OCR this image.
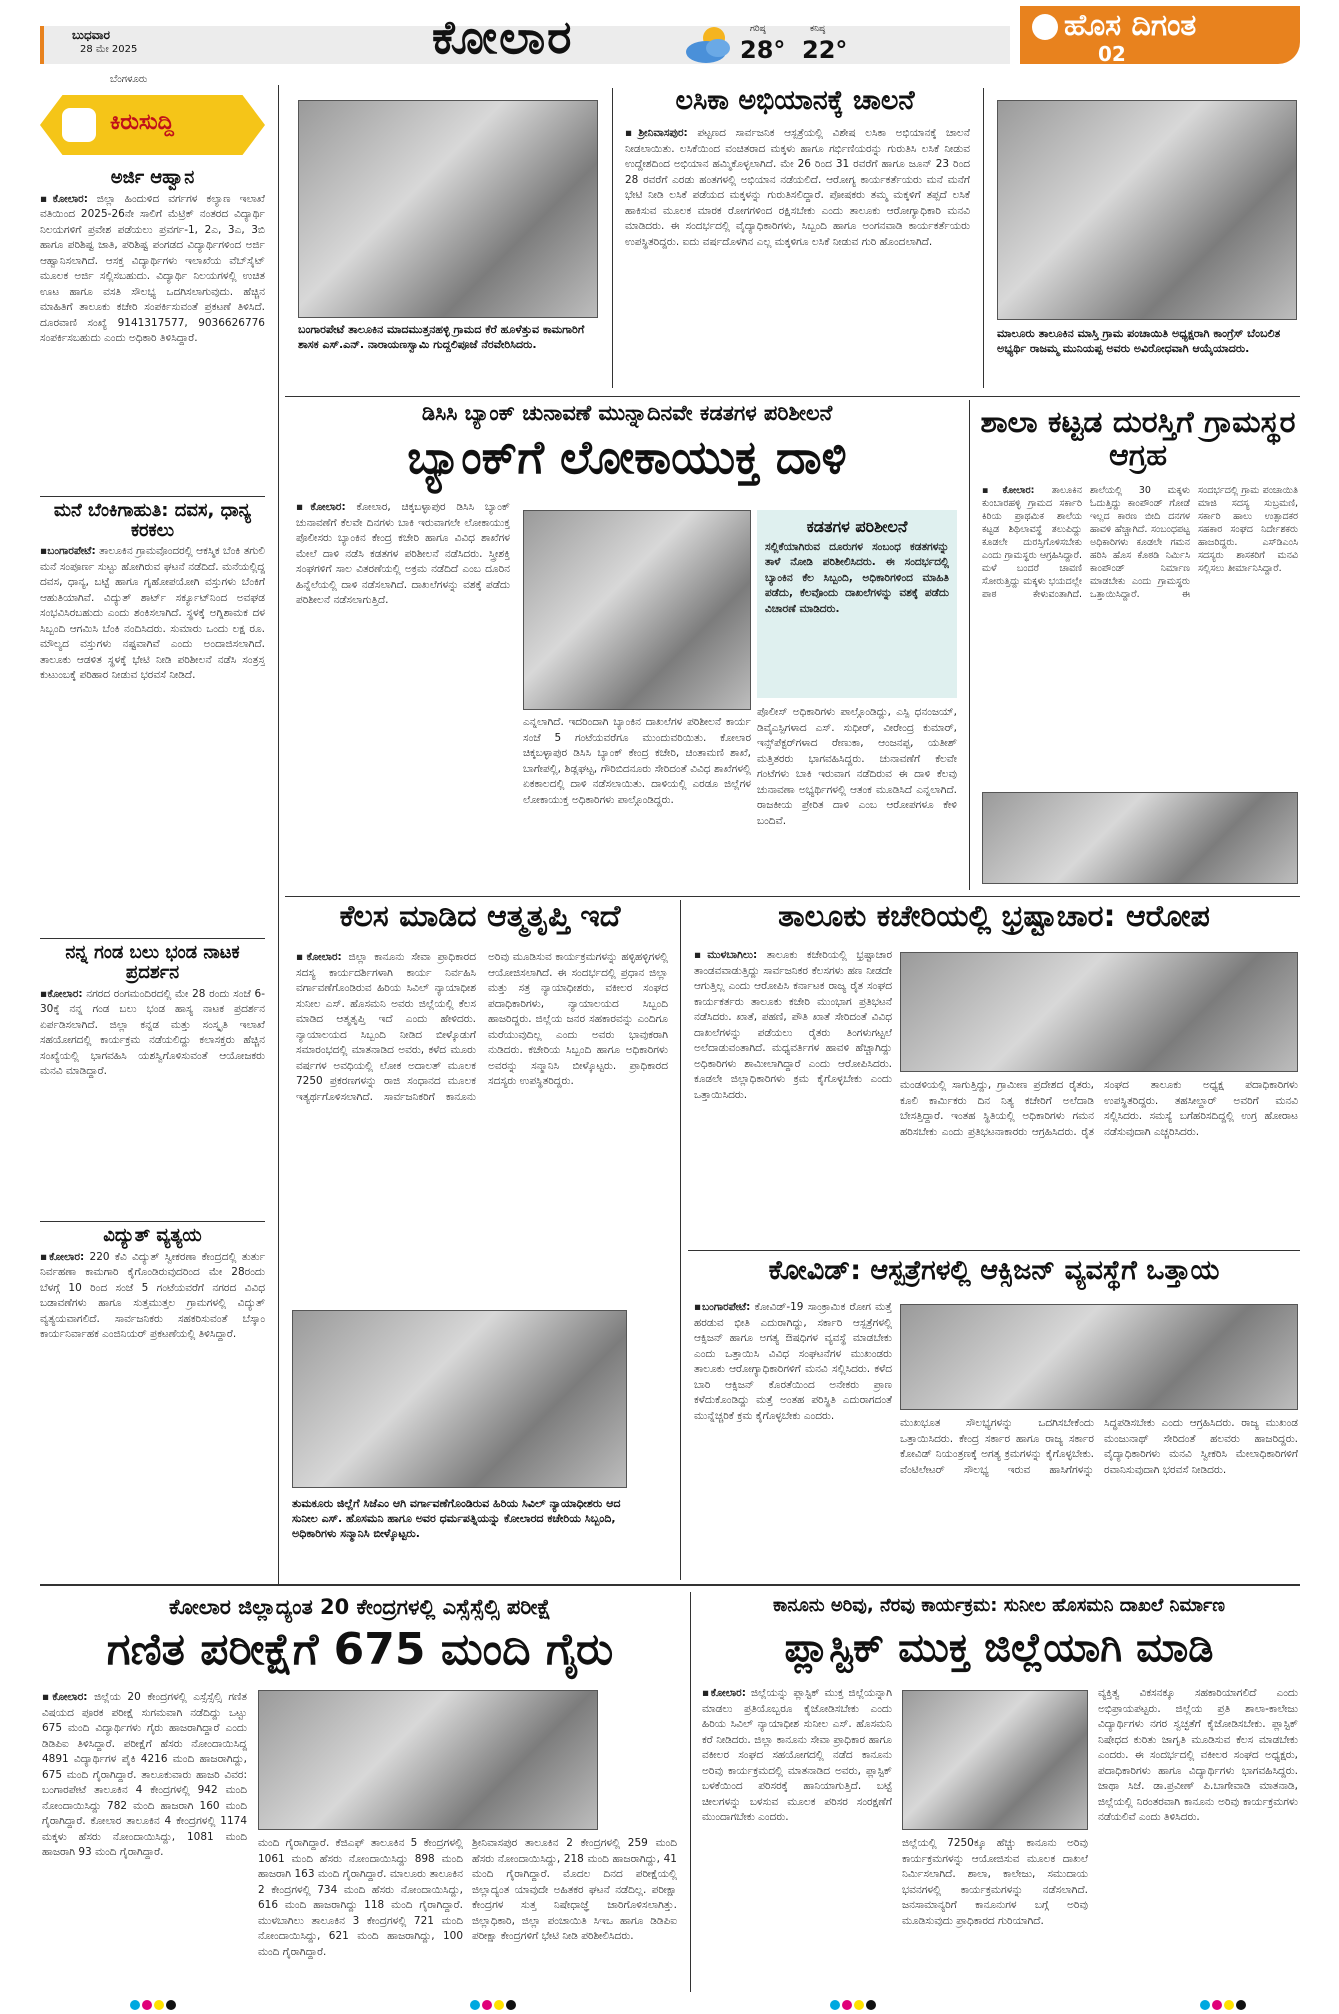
ಬುಧವಾರ
28 ಮೇ 2025	ಕೋಲಾರ	ಗರಿಷ್ಠ
28°
ಕನಿಷ್ಠ
22°
ಹೊಸ ದಿಗಂತ
02
ಬೆಂಗಳೂರು
ಕಿರುಸುದ್ದಿ
ಅರ್ಜಿ ಆಹ್ವಾನ
▪ಕೋಲಾರ: ಜಿಲ್ಲಾ ಹಿಂದುಳಿದ ವರ್ಗಗಳ ಕಲ್ಯಾಣ ಇಲಾಖೆ ವತಿಯಿಂದ 2025-26ನೇ ಸಾಲಿಗೆ ಮೆಟ್ರಿಕ್ ನಂತರದ ವಿದ್ಯಾರ್ಥಿ ನಿಲಯಗಳಿಗೆ ಪ್ರವೇಶ ಪಡೆಯಲು ಪ್ರವರ್ಗ-1, 2ಎ, 3ಎ, 3ಬಿ ಹಾಗೂ ಪರಿಶಿಷ್ಟ ಜಾತಿ, ಪರಿಶಿಷ್ಟ ಪಂಗಡದ ವಿದ್ಯಾರ್ಥಿಗಳಿಂದ ಅರ್ಜಿ ಆಹ್ವಾನಿಸಲಾಗಿದೆ. ಆಸಕ್ತ ವಿದ್ಯಾರ್ಥಿಗಳು ಇಲಾಖೆಯ ವೆಬ್‌ಸೈಟ್ ಮೂಲಕ ಅರ್ಜಿ ಸಲ್ಲಿಸಬಹುದು. ವಿದ್ಯಾರ್ಥಿ ನಿಲಯಗಳಲ್ಲಿ ಉಚಿತ ಊಟ ಹಾಗೂ ವಸತಿ ಸೌಲಭ್ಯ ಒದಗಿಸಲಾಗುವುದು. ಹೆಚ್ಚಿನ ಮಾಹಿತಿಗೆ ತಾಲೂಕು ಕಚೇರಿ ಸಂಪರ್ಕಿಸುವಂತೆ ಪ್ರಕಟಣೆ ತಿಳಿಸಿದೆ. ದೂರವಾಣಿ ಸಂಖ್ಯೆ 9141317577, 9036626776 ಸಂಪರ್ಕಿಸಬಹುದು ಎಂದು ಅಧಿಕಾರಿ ತಿಳಿಸಿದ್ದಾರೆ.
ಮನೆ ಬೆಂಕಿಗಾಹುತಿ: ದವಸ, ಧಾನ್ಯ ಕರಕಲು
▪ಬಂಗಾರಪೇಟೆ: ತಾಲೂಕಿನ ಗ್ರಾಮವೊಂದರಲ್ಲಿ ಆಕಸ್ಮಿಕ ಬೆಂಕಿ ತಗುಲಿ ಮನೆ ಸಂಪೂರ್ಣ ಸುಟ್ಟು ಹೋಗಿರುವ ಘಟನೆ ನಡೆದಿದೆ. ಮನೆಯಲ್ಲಿದ್ದ ದವಸ, ಧಾನ್ಯ, ಬಟ್ಟೆ ಹಾಗೂ ಗೃಹೋಪಯೋಗಿ ವಸ್ತುಗಳು ಬೆಂಕಿಗೆ ಆಹುತಿಯಾಗಿವೆ. ವಿದ್ಯುತ್ ಶಾರ್ಟ್ ಸರ್ಕ್ಯೂಟ್‌ನಿಂದ ಅವಘಡ ಸಂಭವಿಸಿರಬಹುದು ಎಂದು ಶಂಕಿಸಲಾಗಿದೆ. ಸ್ಥಳಕ್ಕೆ ಅಗ್ನಿಶಾಮಕ ದಳ ಸಿಬ್ಬಂದಿ ಆಗಮಿಸಿ ಬೆಂಕಿ ನಂದಿಸಿದರು. ಸುಮಾರು ಒಂದು ಲಕ್ಷ ರೂ. ಮೌಲ್ಯದ ವಸ್ತುಗಳು ನಷ್ಟವಾಗಿವೆ ಎಂದು ಅಂದಾಜಿಸಲಾಗಿದೆ. ತಾಲೂಕು ಆಡಳಿತ ಸ್ಥಳಕ್ಕೆ ಭೇಟಿ ನೀಡಿ ಪರಿಶೀಲನೆ ನಡೆಸಿ ಸಂತ್ರಸ್ತ ಕುಟುಂಬಕ್ಕೆ ಪರಿಹಾರ ನೀಡುವ ಭರವಸೆ ನೀಡಿದೆ.
ನನ್ನ ಗಂಡ ಬಲು ಭಂಡ ನಾಟಕ ಪ್ರದರ್ಶನ
▪ಕೋಲಾರ: ನಗರದ ರಂಗಮಂದಿರದಲ್ಲಿ ಮೇ 28 ರಂದು ಸಂಜೆ 6-30ಕ್ಕೆ ನನ್ನ ಗಂಡ ಬಲು ಭಂಡ ಹಾಸ್ಯ ನಾಟಕ ಪ್ರದರ್ಶನ ಏರ್ಪಡಿಸಲಾಗಿದೆ. ಜಿಲ್ಲಾ ಕನ್ನಡ ಮತ್ತು ಸಂಸ್ಕೃತಿ ಇಲಾಖೆ ಸಹಯೋಗದಲ್ಲಿ ಕಾರ್ಯಕ್ರಮ ನಡೆಯಲಿದ್ದು ಕಲಾಸಕ್ತರು ಹೆಚ್ಚಿನ ಸಂಖ್ಯೆಯಲ್ಲಿ ಭಾಗವಹಿಸಿ ಯಶಸ್ವಿಗೊಳಿಸುವಂತೆ ಆಯೋಜಕರು ಮನವಿ ಮಾಡಿದ್ದಾರೆ.
ವಿದ್ಯುತ್ ವ್ಯತ್ಯಯ
▪ಕೋಲಾರ: 220 ಕೆವಿ ವಿದ್ಯುತ್ ಸ್ವೀಕರಣಾ ಕೇಂದ್ರದಲ್ಲಿ ತುರ್ತು ನಿರ್ವಹಣಾ ಕಾಮಗಾರಿ ಕೈಗೊಂಡಿರುವುದರಿಂದ ಮೇ 28ರಂದು ಬೆಳಗ್ಗೆ 10 ರಿಂದ ಸಂಜೆ 5 ಗಂಟೆಯವರೆಗೆ ನಗರದ ವಿವಿಧ ಬಡಾವಣೆಗಳು ಹಾಗೂ ಸುತ್ತಮುತ್ತಲ ಗ್ರಾಮಗಳಲ್ಲಿ ವಿದ್ಯುತ್ ವ್ಯತ್ಯಯವಾಗಲಿದೆ. ಸಾರ್ವಜನಿಕರು ಸಹಕರಿಸುವಂತೆ ಬೆಸ್ಕಾಂ ಕಾರ್ಯನಿರ್ವಾಹಕ ಎಂಜಿನಿಯರ್ ಪ್ರಕಟಣೆಯಲ್ಲಿ ತಿಳಿಸಿದ್ದಾರೆ.
ಬಂಗಾರಪೇಟೆ ತಾಲೂಕಿನ ಮಾದಮುತ್ತನಹಳ್ಳಿ ಗ್ರಾಮದ ಕೆರೆ ಹೂಳೆತ್ತುವ ಕಾಮಗಾರಿಗೆ ಶಾಸಕ ಎಸ್.ಎನ್. ನಾರಾಯಣಸ್ವಾಮಿ ಗುದ್ದಲಿಪೂಜೆ ನೆರವೇರಿಸಿದರು.
ಲಸಿಕಾ ಅಭಿಯಾನಕ್ಕೆ ಚಾಲನೆ
▪ಶ್ರೀನಿವಾಸಪುರ: ಪಟ್ಟಣದ ಸಾರ್ವಜನಿಕ ಆಸ್ಪತ್ರೆಯಲ್ಲಿ ವಿಶೇಷ ಲಸಿಕಾ ಅಭಿಯಾನಕ್ಕೆ ಚಾಲನೆ ನೀಡಲಾಯಿತು. ಲಸಿಕೆಯಿಂದ ವಂಚಿತರಾದ ಮಕ್ಕಳು ಹಾಗೂ ಗರ್ಭಿಣಿಯರನ್ನು ಗುರುತಿಸಿ ಲಸಿಕೆ ನೀಡುವ ಉದ್ದೇಶದಿಂದ ಅಭಿಯಾನ ಹಮ್ಮಿಕೊಳ್ಳಲಾಗಿದೆ. ಮೇ 26 ರಿಂದ 31 ರವರೆಗೆ ಹಾಗೂ ಜೂನ್ 23 ರಿಂದ 28 ರವರೆಗೆ ಎರಡು ಹಂತಗಳಲ್ಲಿ ಅಭಿಯಾನ ನಡೆಯಲಿದೆ. ಆರೋಗ್ಯ ಕಾರ್ಯಕರ್ತೆಯರು ಮನೆ ಮನೆಗೆ ಭೇಟಿ ನೀಡಿ ಲಸಿಕೆ ಪಡೆಯದ ಮಕ್ಕಳನ್ನು ಗುರುತಿಸಲಿದ್ದಾರೆ. ಪೋಷಕರು ತಮ್ಮ ಮಕ್ಕಳಿಗೆ ತಪ್ಪದೆ ಲಸಿಕೆ ಹಾಕಿಸುವ ಮೂಲಕ ಮಾರಕ ರೋಗಗಳಿಂದ ರಕ್ಷಿಸಬೇಕು ಎಂದು ತಾಲೂಕು ಆರೋಗ್ಯಾಧಿಕಾರಿ ಮನವಿ ಮಾಡಿದರು. ಈ ಸಂದರ್ಭದಲ್ಲಿ ವೈದ್ಯಾಧಿಕಾರಿಗಳು, ಸಿಬ್ಬಂದಿ ಹಾಗೂ ಅಂಗನವಾಡಿ ಕಾರ್ಯಕರ್ತೆಯರು ಉಪಸ್ಥಿತರಿದ್ದರು. ಐದು ವರ್ಷದೊಳಗಿನ ಎಲ್ಲ ಮಕ್ಕಳಿಗೂ ಲಸಿಕೆ ನೀಡುವ ಗುರಿ ಹೊಂದಲಾಗಿದೆ.
ಮಾಲೂರು ತಾಲೂಕಿನ ಮಾಸ್ತಿ ಗ್ರಾಮ ಪಂಚಾಯಿತಿ ಅಧ್ಯಕ್ಷರಾಗಿ ಕಾಂಗ್ರೆಸ್ ಬೆಂಬಲಿತ ಅಭ್ಯರ್ಥಿ ರಾಜಮ್ಮ ಮುನಿಯಪ್ಪ ಅವರು ಅವಿರೋಧವಾಗಿ ಆಯ್ಕೆಯಾದರು.
ಡಿಸಿಸಿ ಬ್ಯಾಂಕ್ ಚುನಾವಣೆ ಮುನ್ನಾದಿನವೇ ಕಡತಗಳ ಪರಿಶೀಲನೆ
ಬ್ಯಾಂಕ್‌ಗೆ ಲೋಕಾಯುಕ್ತ ದಾಳಿ
▪ಕೋಲಾರ: ಕೋಲಾರ, ಚಿಕ್ಕಬಳ್ಳಾಪುರ ಡಿಸಿಸಿ ಬ್ಯಾಂಕ್ ಚುನಾವಣೆಗೆ ಕೆಲವೇ ದಿನಗಳು ಬಾಕಿ ಇರುವಾಗಲೇ ಲೋಕಾಯುಕ್ತ ಪೊಲೀಸರು ಬ್ಯಾಂಕಿನ ಕೇಂದ್ರ ಕಚೇರಿ ಹಾಗೂ ವಿವಿಧ ಶಾಖೆಗಳ ಮೇಲೆ ದಾಳಿ ನಡೆಸಿ ಕಡತಗಳ ಪರಿಶೀಲನೆ ನಡೆಸಿದರು. ಸ್ತ್ರೀಶಕ್ತಿ ಸಂಘಗಳಿಗೆ ಸಾಲ ವಿತರಣೆಯಲ್ಲಿ ಅಕ್ರಮ ನಡೆದಿದೆ ಎಂಬ ದೂರಿನ ಹಿನ್ನೆಲೆಯಲ್ಲಿ ದಾಳಿ ನಡೆಸಲಾಗಿದೆ. ದಾಖಲೆಗಳನ್ನು ವಶಕ್ಕೆ ಪಡೆದು ಪರಿಶೀಲನೆ ನಡೆಸಲಾಗುತ್ತಿದೆ.
ಎನ್ನಲಾಗಿದೆ. ಇದರಿಂದಾಗಿ ಬ್ಯಾಂಕಿನ ದಾಖಲೆಗಳ ಪರಿಶೀಲನೆ ಕಾರ್ಯ ಸಂಜೆ 5 ಗಂಟೆಯವರೆಗೂ ಮುಂದುವರಿಯಿತು. ಕೋಲಾರ ಚಿಕ್ಕಬಳ್ಳಾಪುರ ಡಿಸಿಸಿ ಬ್ಯಾಂಕ್ ಕೇಂದ್ರ ಕಚೇರಿ, ಚಿಂತಾಮಣಿ ಶಾಖೆ, ಬಾಗೇಪಲ್ಲಿ, ಶಿಡ್ಲಘಟ್ಟ, ಗೌರಿಬಿದನೂರು ಸೇರಿದಂತೆ ವಿವಿಧ ಶಾಖೆಗಳಲ್ಲಿ ಏಕಕಾಲದಲ್ಲಿ ದಾಳಿ ನಡೆಸಲಾಯಿತು. ದಾಳಿಯಲ್ಲಿ ಎರಡೂ ಜಿಲ್ಲೆಗಳ ಲೋಕಾಯುಕ್ತ ಅಧಿಕಾರಿಗಳು ಪಾಲ್ಗೊಂಡಿದ್ದರು.
ಕಡತಗಳ ಪರಿಶೀಲನೆ
ಸಲ್ಲಿಕೆಯಾಗಿರುವ ದೂರುಗಳ ಸಂಬಂಧ ಕಡತಗಳನ್ನು ತಾಳೆ ನೋಡಿ ಪರಿಶೀಲಿಸಿದರು. ಈ ಸಂದರ್ಭದಲ್ಲಿ ಬ್ಯಾಂಕಿನ ಕೆಲ ಸಿಬ್ಬಂದಿ, ಅಧಿಕಾರಿಗಳಿಂದ ಮಾಹಿತಿ ಪಡೆದು, ಕೆಲವೊಂದು ದಾಖಲೆಗಳನ್ನು ವಶಕ್ಕೆ ಪಡೆದು ವಿಚಾರಣೆ ಮಾಡಿದರು.
ಪೊಲೀಸ್ ಅಧಿಕಾರಿಗಳು ಪಾಲ್ಗೊಂಡಿದ್ದು, ಎಸ್ಪಿ ಧನಂಜಯ್, ಡಿವೈಎಸ್ಪಿಗಳಾದ ಎಸ್. ಸುಧೀರ್, ವೀರೇಂದ್ರ ಕುಮಾರ್, ಇನ್ಸ್‌ಪೆಕ್ಟರ್‌ಗಳಾದ ರೇಣುಕಾ, ಆಂಜನಪ್ಪ, ಯತೀಶ್ ಮತ್ತಿತರರು ಭಾಗವಹಿಸಿದ್ದರು. ಚುನಾವಣೆಗೆ ಕೆಲವೇ ಗಂಟೆಗಳು ಬಾಕಿ ಇರುವಾಗ ನಡೆದಿರುವ ಈ ದಾಳಿ ಕೆಲವು ಚುನಾವಣಾ ಅಭ್ಯರ್ಥಿಗಳಲ್ಲಿ ಆತಂಕ ಮೂಡಿಸಿದೆ ಎನ್ನಲಾಗಿದೆ. ರಾಜಕೀಯ ಪ್ರೇರಿತ ದಾಳಿ ಎಂಬ ಆರೋಪಗಳೂ ಕೇಳಿ ಬಂದಿವೆ.
ಶಾಲಾ ಕಟ್ಟಡ ದುರಸ್ತಿಗೆ ಗ್ರಾಮಸ್ಥರ ಆಗ್ರಹ
▪ಕೋಲಾರ: ತಾಲೂಕಿನ ಕುಂಬಾರಹಳ್ಳಿ ಗ್ರಾಮದ ಸರ್ಕಾರಿ ಕಿರಿಯ ಪ್ರಾಥಮಿಕ ಶಾಲೆಯ ಕಟ್ಟಡ ಶಿಥಿಲಾವಸ್ಥೆ ತಲುಪಿದ್ದು ಕೂಡಲೇ ದುರಸ್ತಿಗೊಳಿಸಬೇಕು ಎಂದು ಗ್ರಾಮಸ್ಥರು ಆಗ್ರಹಿಸಿದ್ದಾರೆ. ಮಳೆ ಬಂದರೆ ಚಾವಣಿ ಸೋರುತ್ತಿದ್ದು ಮಕ್ಕಳು ಭಯದಲ್ಲೇ ಪಾಠ ಕೇಳುವಂತಾಗಿದೆ. ಶಾಲೆಯಲ್ಲಿ 30 ಮಕ್ಕಳು ಓದುತ್ತಿದ್ದು ಕಾಂಪೌಂಡ್ ಗೋಡೆ ಇಲ್ಲದ ಕಾರಣ ಬೀದಿ ದನಗಳ ಹಾವಳಿ ಹೆಚ್ಚಾಗಿದೆ. ಸಂಬಂಧಪಟ್ಟ ಅಧಿಕಾರಿಗಳು ಕೂಡಲೇ ಗಮನ ಹರಿಸಿ ಹೊಸ ಕೊಠಡಿ ನಿರ್ಮಿಸಿ ಕಾಂಪೌಂಡ್ ನಿರ್ಮಾಣ ಮಾಡಬೇಕು ಎಂದು ಗ್ರಾಮಸ್ಥರು ಒತ್ತಾಯಿಸಿದ್ದಾರೆ. ಈ ಸಂದರ್ಭದಲ್ಲಿ ಗ್ರಾಮ ಪಂಚಾಯಿತಿ ಮಾಜಿ ಸದಸ್ಯ ಸುಬ್ರಮಣಿ, ಸರ್ಕಾರಿ ಹಾಲು ಉತ್ಪಾದಕರ ಸಹಕಾರ ಸಂಘದ ನಿರ್ದೇಶಕರು ಹಾಜರಿದ್ದರು. ಎಸ್‌ಡಿಎಂಸಿ ಸದಸ್ಯರು ಶಾಸಕರಿಗೆ ಮನವಿ ಸಲ್ಲಿಸಲು ತೀರ್ಮಾನಿಸಿದ್ದಾರೆ.
ಕೆಲಸ ಮಾಡಿದ ಆತ್ಮತೃಪ್ತಿ ಇದೆ
▪ಕೋಲಾರ: ಜಿಲ್ಲಾ ಕಾನೂನು ಸೇವಾ ಪ್ರಾಧಿಕಾರದ ಸದಸ್ಯ ಕಾರ್ಯದರ್ಶಿಗಳಾಗಿ ಕಾರ್ಯ ನಿರ್ವಹಿಸಿ ವರ್ಗಾವಣೆಗೊಂಡಿರುವ ಹಿರಿಯ ಸಿವಿಲ್ ನ್ಯಾಯಾಧೀಶ ಸುನೀಲ ಎಸ್. ಹೊಸಮನಿ ಅವರು ಜಿಲ್ಲೆಯಲ್ಲಿ ಕೆಲಸ ಮಾಡಿದ ಆತ್ಮತೃಪ್ತಿ ಇದೆ ಎಂದು ಹೇಳಿದರು. ನ್ಯಾಯಾಲಯದ ಸಿಬ್ಬಂದಿ ನೀಡಿದ ಬೀಳ್ಕೊಡುಗೆ ಸಮಾರಂಭದಲ್ಲಿ ಮಾತನಾಡಿದ ಅವರು, ಕಳೆದ ಮೂರು ವರ್ಷಗಳ ಅವಧಿಯಲ್ಲಿ ಲೋಕ ಅದಾಲತ್ ಮೂಲಕ 7250 ಪ್ರಕರಣಗಳನ್ನು ರಾಜಿ ಸಂಧಾನದ ಮೂಲಕ ಇತ್ಯರ್ಥಗೊಳಿಸಲಾಗಿದೆ. ಸಾರ್ವಜನಿಕರಿಗೆ ಕಾನೂನು ಅರಿವು ಮೂಡಿಸುವ ಕಾರ್ಯಕ್ರಮಗಳನ್ನು ಹಳ್ಳಿಹಳ್ಳಿಗಳಲ್ಲಿ ಆಯೋಜಿಸಲಾಗಿದೆ. ಈ ಸಂದರ್ಭದಲ್ಲಿ ಪ್ರಧಾನ ಜಿಲ್ಲಾ ಮತ್ತು ಸತ್ರ ನ್ಯಾಯಾಧೀಶರು, ವಕೀಲರ ಸಂಘದ ಪದಾಧಿಕಾರಿಗಳು, ನ್ಯಾಯಾಲಯದ ಸಿಬ್ಬಂದಿ ಹಾಜರಿದ್ದರು. ಜಿಲ್ಲೆಯ ಜನರ ಸಹಕಾರವನ್ನು ಎಂದಿಗೂ ಮರೆಯುವುದಿಲ್ಲ ಎಂದು ಅವರು ಭಾವುಕರಾಗಿ ನುಡಿದರು. ಕಚೇರಿಯ ಸಿಬ್ಬಂದಿ ಹಾಗೂ ಅಧಿಕಾರಿಗಳು ಅವರನ್ನು ಸನ್ಮಾನಿಸಿ ಬೀಳ್ಕೊಟ್ಟರು. ಪ್ರಾಧಿಕಾರದ ಸದಸ್ಯರು ಉಪಸ್ಥಿತರಿದ್ದರು.
ತುಮಕೂರು ಜಿಲ್ಲೆಗೆ ಸಿಜೆಎಂ ಆಗಿ ವರ್ಗಾವಣೆಗೊಂಡಿರುವ ಹಿರಿಯ ಸಿವಿಲ್ ನ್ಯಾಯಾಧೀಶರು ಆದ ಸುನೀಲ ಎಸ್. ಹೊಸಮನಿ ಹಾಗೂ ಅವರ ಧರ್ಮಪತ್ನಿಯನ್ನು ಕೋಲಾರದ ಕಚೇರಿಯ ಸಿಬ್ಬಂದಿ, ಅಧಿಕಾರಿಗಳು ಸನ್ಮಾನಿಸಿ ಬೀಳ್ಕೊಟ್ಟರು.
ತಾಲೂಕು ಕಚೇರಿಯಲ್ಲಿ ಭ್ರಷ್ಟಾಚಾರ: ಆರೋಪ
▪ಮುಳಬಾಗಿಲು: ತಾಲೂಕು ಕಚೇರಿಯಲ್ಲಿ ಭ್ರಷ್ಟಾಚಾರ ತಾಂಡವವಾಡುತ್ತಿದ್ದು ಸಾರ್ವಜನಿಕರ ಕೆಲಸಗಳು ಹಣ ನೀಡದೇ ಆಗುತ್ತಿಲ್ಲ ಎಂದು ಆರೋಪಿಸಿ ಕರ್ನಾಟಕ ರಾಜ್ಯ ರೈತ ಸಂಘದ ಕಾರ್ಯಕರ್ತರು ತಾಲೂಕು ಕಚೇರಿ ಮುಂಭಾಗ ಪ್ರತಿಭಟನೆ ನಡೆಸಿದರು. ಖಾತೆ, ಪಹಣಿ, ಪೌತಿ ಖಾತೆ ಸೇರಿದಂತೆ ವಿವಿಧ ದಾಖಲೆಗಳನ್ನು ಪಡೆಯಲು ರೈತರು ತಿಂಗಳುಗಟ್ಟಲೆ ಅಲೆದಾಡುವಂತಾಗಿದೆ. ಮಧ್ಯವರ್ತಿಗಳ ಹಾವಳಿ ಹೆಚ್ಚಾಗಿದ್ದು ಅಧಿಕಾರಿಗಳು ಶಾಮೀಲಾಗಿದ್ದಾರೆ ಎಂದು ಆರೋಪಿಸಿದರು. ಕೂಡಲೇ ಜಿಲ್ಲಾಧಿಕಾರಿಗಳು ಕ್ರಮ ಕೈಗೊಳ್ಳಬೇಕು ಎಂದು ಒತ್ತಾಯಿಸಿದರು.
ಮಂಡಳಿಯಲ್ಲಿ ಸಾಗುತ್ತಿದ್ದು, ಗ್ರಾಮೀಣ ಪ್ರದೇಶದ ರೈತರು, ಕೂಲಿ ಕಾರ್ಮಿಕರು ದಿನ ನಿತ್ಯ ಕಚೇರಿಗೆ ಅಲೆದಾಡಿ ಬೇಸತ್ತಿದ್ದಾರೆ. ಇಂತಹ ಸ್ಥಿತಿಯಲ್ಲಿ ಅಧಿಕಾರಿಗಳು ಗಮನ ಹರಿಸಬೇಕು ಎಂದು ಪ್ರತಿಭಟನಾಕಾರರು ಆಗ್ರಹಿಸಿದರು. ರೈತ ಸಂಘದ ತಾಲೂಕು ಅಧ್ಯಕ್ಷ ಪದಾಧಿಕಾರಿಗಳು ಉಪಸ್ಥಿತರಿದ್ದರು. ತಹಸೀಲ್ದಾರ್ ಅವರಿಗೆ ಮನವಿ ಸಲ್ಲಿಸಿದರು. ಸಮಸ್ಯೆ ಬಗೆಹರಿಸದಿದ್ದಲ್ಲಿ ಉಗ್ರ ಹೋರಾಟ ನಡೆಸುವುದಾಗಿ ಎಚ್ಚರಿಸಿದರು.
ಕೋವಿಡ್: ಆಸ್ಪತ್ರೆಗಳಲ್ಲಿ ಆಕ್ಸಿಜನ್ ವ್ಯವಸ್ಥೆಗೆ ಒತ್ತಾಯ
▪ಬಂಗಾರಪೇಟೆ: ಕೋವಿಡ್-19 ಸಾಂಕ್ರಾಮಿಕ ರೋಗ ಮತ್ತೆ ಹರಡುವ ಭೀತಿ ಎದುರಾಗಿದ್ದು, ಸರ್ಕಾರಿ ಆಸ್ಪತ್ರೆಗಳಲ್ಲಿ ಆಕ್ಸಿಜನ್ ಹಾಗೂ ಅಗತ್ಯ ಔಷಧಿಗಳ ವ್ಯವಸ್ಥೆ ಮಾಡಬೇಕು ಎಂದು ಒತ್ತಾಯಿಸಿ ವಿವಿಧ ಸಂಘಟನೆಗಳ ಮುಖಂಡರು ತಾಲೂಕು ಆರೋಗ್ಯಾಧಿಕಾರಿಗಳಿಗೆ ಮನವಿ ಸಲ್ಲಿಸಿದರು. ಕಳೆದ ಬಾರಿ ಆಕ್ಸಿಜನ್ ಕೊರತೆಯಿಂದ ಅನೇಕರು ಪ್ರಾಣ ಕಳೆದುಕೊಂಡಿದ್ದು ಮತ್ತೆ ಅಂತಹ ಪರಿಸ್ಥಿತಿ ಎದುರಾಗದಂತೆ ಮುನ್ನೆಚ್ಚರಿಕೆ ಕ್ರಮ ಕೈಗೊಳ್ಳಬೇಕು ಎಂದರು.
ಮುಖಭೂತ ಸೌಲಭ್ಯಗಳನ್ನು ಒದಗಿಸಬೇಕೆಂದು ಒತ್ತಾಯಿಸಿದರು. ಕೇಂದ್ರ ಸರ್ಕಾರ ಹಾಗೂ ರಾಜ್ಯ ಸರ್ಕಾರ ಕೋವಿಡ್ ನಿಯಂತ್ರಣಕ್ಕೆ ಅಗತ್ಯ ಕ್ರಮಗಳನ್ನು ಕೈಗೊಳ್ಳಬೇಕು. ವೆಂಟಿಲೇಟರ್ ಸೌಲಭ್ಯ ಇರುವ ಹಾಸಿಗೆಗಳನ್ನು ಸಿದ್ಧಪಡಿಸಬೇಕು ಎಂದು ಆಗ್ರಹಿಸಿದರು. ರಾಜ್ಯ ಮುಖಂಡ ಮಂಜುನಾಥ್ ಸೇರಿದಂತೆ ಹಲವರು ಹಾಜರಿದ್ದರು. ವೈದ್ಯಾಧಿಕಾರಿಗಳು ಮನವಿ ಸ್ವೀಕರಿಸಿ ಮೇಲಾಧಿಕಾರಿಗಳಿಗೆ ರವಾನಿಸುವುದಾಗಿ ಭರವಸೆ ನೀಡಿದರು.
ಕೋಲಾರ ಜಿಲ್ಲಾದ್ಯಂತ 20 ಕೇಂದ್ರಗಳಲ್ಲಿ ಎಸ್ಸೆಸ್ಸೆಲ್ಸಿ ಪರೀಕ್ಷೆ
ಗಣಿತ ಪರೀಕ್ಷೆಗೆ 675 ಮಂದಿ ಗೈರು
▪ಕೋಲಾರ: ಜಿಲ್ಲೆಯ 20 ಕೇಂದ್ರಗಳಲ್ಲಿ ಎಸ್ಸೆಸ್ಸೆಲ್ಸಿ ಗಣಿತ ವಿಷಯದ ಪೂರಕ ಪರೀಕ್ಷೆ ಸುಗಮವಾಗಿ ನಡೆದಿದ್ದು ಒಟ್ಟು 675 ಮಂದಿ ವಿದ್ಯಾರ್ಥಿಗಳು ಗೈರು ಹಾಜರಾಗಿದ್ದಾರೆ ಎಂದು ಡಿಡಿಪಿಐ ತಿಳಿಸಿದ್ದಾರೆ. ಪರೀಕ್ಷೆಗೆ ಹೆಸರು ನೋಂದಾಯಿಸಿದ್ದ 4891 ವಿದ್ಯಾರ್ಥಿಗಳ ಪೈಕಿ 4216 ಮಂದಿ ಹಾಜರಾಗಿದ್ದು, 675 ಮಂದಿ ಗೈರಾಗಿದ್ದಾರೆ. ತಾಲೂಕುವಾರು ಹಾಜರಿ ವಿವರ: ಬಂಗಾರಪೇಟೆ ತಾಲೂಕಿನ 4 ಕೇಂದ್ರಗಳಲ್ಲಿ 942 ಮಂದಿ ನೋಂದಾಯಿಸಿದ್ದು 782 ಮಂದಿ ಹಾಜರಾಗಿ 160 ಮಂದಿ ಗೈರಾಗಿದ್ದಾರೆ. ಕೋಲಾರ ತಾಲೂಕಿನ 4 ಕೇಂದ್ರಗಳಲ್ಲಿ 1174 ಮಕ್ಕಳು ಹೆಸರು ನೋಂದಾಯಿಸಿದ್ದು, 1081 ಮಂದಿ ಹಾಜರಾಗಿ 93 ಮಂದಿ ಗೈರಾಗಿದ್ದಾರೆ.
ಮಂದಿ ಗೈರಾಗಿದ್ದಾರೆ. ಕೆಜಿಎಫ್ ತಾಲೂಕಿನ 5 ಕೇಂದ್ರಗಳಲ್ಲಿ 1061 ಮಂದಿ ಹೆಸರು ನೋಂದಾಯಿಸಿದ್ದು 898 ಮಂದಿ ಹಾಜರಾಗಿ 163 ಮಂದಿ ಗೈರಾಗಿದ್ದಾರೆ. ಮಾಲೂರು ತಾಲೂಕಿನ 2 ಕೇಂದ್ರಗಳಲ್ಲಿ 734 ಮಂದಿ ಹೆಸರು ನೋಂದಾಯಿಸಿದ್ದು, 616 ಮಂದಿ ಹಾಜರಾಗಿದ್ದು 118 ಮಂದಿ ಗೈರಾಗಿದ್ದಾರೆ. ಮುಳಬಾಗಿಲು ತಾಲೂಕಿನ 3 ಕೇಂದ್ರಗಳಲ್ಲಿ 721 ಮಂದಿ ನೋಂದಾಯಿಸಿದ್ದು, 621 ಮಂದಿ ಹಾಜರಾಗಿದ್ದು, 100 ಮಂದಿ ಗೈರಾಗಿದ್ದಾರೆ.
ಶ್ರೀನಿವಾಸಪುರ ತಾಲೂಕಿನ 2 ಕೇಂದ್ರಗಳಲ್ಲಿ 259 ಮಂದಿ ಹೆಸರು ನೋಂದಾಯಿಸಿದ್ದು, 218 ಮಂದಿ ಹಾಜರಾಗಿದ್ದು, 41 ಮಂದಿ ಗೈರಾಗಿದ್ದಾರೆ. ಮೊದಲ ದಿನದ ಪರೀಕ್ಷೆಯಲ್ಲಿ ಜಿಲ್ಲಾದ್ಯಂತ ಯಾವುದೇ ಅಹಿತಕರ ಘಟನೆ ನಡೆದಿಲ್ಲ. ಪರೀಕ್ಷಾ ಕೇಂದ್ರಗಳ ಸುತ್ತ ನಿಷೇಧಾಜ್ಞೆ ಜಾರಿಗೊಳಿಸಲಾಗಿತ್ತು. ಜಿಲ್ಲಾಧಿಕಾರಿ, ಜಿಲ್ಲಾ ಪಂಚಾಯಿತಿ ಸಿಇಒ ಹಾಗೂ ಡಿಡಿಪಿಐ ಪರೀಕ್ಷಾ ಕೇಂದ್ರಗಳಿಗೆ ಭೇಟಿ ನೀಡಿ ಪರಿಶೀಲಿಸಿದರು.
ಕಾನೂನು ಅರಿವು, ನೆರವು ಕಾರ್ಯಕ್ರಮ: ಸುನೀಲ ಹೊಸಮನಿ ದಾಖಲೆ ನಿರ್ಮಾಣ
ಪ್ಲಾಸ್ಟಿಕ್ ಮುಕ್ತ ಜಿಲ್ಲೆಯಾಗಿ ಮಾಡಿ
▪ಕೋಲಾರ: ಜಿಲ್ಲೆಯನ್ನು ಪ್ಲಾಸ್ಟಿಕ್ ಮುಕ್ತ ಜಿಲ್ಲೆಯನ್ನಾಗಿ ಮಾಡಲು ಪ್ರತಿಯೊಬ್ಬರೂ ಕೈಜೋಡಿಸಬೇಕು ಎಂದು ಹಿರಿಯ ಸಿವಿಲ್ ನ್ಯಾಯಾಧೀಶ ಸುನೀಲ ಎಸ್. ಹೊಸಮನಿ ಕರೆ ನೀಡಿದರು. ಜಿಲ್ಲಾ ಕಾನೂನು ಸೇವಾ ಪ್ರಾಧಿಕಾರ ಹಾಗೂ ವಕೀಲರ ಸಂಘದ ಸಹಯೋಗದಲ್ಲಿ ನಡೆದ ಕಾನೂನು ಅರಿವು ಕಾರ್ಯಕ್ರಮದಲ್ಲಿ ಮಾತನಾಡಿದ ಅವರು, ಪ್ಲಾಸ್ಟಿಕ್ ಬಳಕೆಯಿಂದ ಪರಿಸರಕ್ಕೆ ಹಾನಿಯಾಗುತ್ತಿದೆ. ಬಟ್ಟೆ ಚೀಲಗಳನ್ನು ಬಳಸುವ ಮೂಲಕ ಪರಿಸರ ಸಂರಕ್ಷಣೆಗೆ ಮುಂದಾಗಬೇಕು ಎಂದರು.
ಜಿಲ್ಲೆಯಲ್ಲಿ 7250ಕ್ಕೂ ಹೆಚ್ಚು ಕಾನೂನು ಅರಿವು ಕಾರ್ಯಕ್ರಮಗಳನ್ನು ಆಯೋಜಿಸುವ ಮೂಲಕ ದಾಖಲೆ ನಿರ್ಮಿಸಲಾಗಿದೆ. ಶಾಲಾ, ಕಾಲೇಜು, ಸಮುದಾಯ ಭವನಗಳಲ್ಲಿ ಕಾರ್ಯಕ್ರಮಗಳನ್ನು ನಡೆಸಲಾಗಿದೆ. ಜನಸಾಮಾನ್ಯರಿಗೆ ಕಾನೂನುಗಳ ಬಗ್ಗೆ ಅರಿವು ಮೂಡಿಸುವುದು ಪ್ರಾಧಿಕಾರದ ಗುರಿಯಾಗಿದೆ.
ವ್ಯಕ್ತಿತ್ವ ವಿಕಸನಕ್ಕೂ ಸಹಕಾರಿಯಾಗಲಿದೆ ಎಂದು ಅಭಿಪ್ರಾಯಪಟ್ಟರು. ಜಿಲ್ಲೆಯ ಪ್ರತಿ ಶಾಲಾ-ಕಾಲೇಜು ವಿದ್ಯಾರ್ಥಿಗಳು ನಗರ ಸ್ವಚ್ಛತೆಗೆ ಕೈಜೋಡಿಸಬೇಕು. ಪ್ಲಾಸ್ಟಿಕ್ ನಿಷೇಧದ ಕುರಿತು ಜಾಗೃತಿ ಮೂಡಿಸುವ ಕೆಲಸ ಮಾಡಬೇಕು ಎಂದರು. ಈ ಸಂದರ್ಭದಲ್ಲಿ ವಕೀಲರ ಸಂಘದ ಅಧ್ಯಕ್ಷರು, ಪದಾಧಿಕಾರಿಗಳು ಹಾಗೂ ವಿದ್ಯಾರ್ಥಿಗಳು ಭಾಗವಹಿಸಿದ್ದರು. ಜಾಥಾ ಸಿಜೆ. ಡಾ.ಪ್ರವೀಣ್ ಪಿ.ಬಾಗೇವಾಡಿ ಮಾತನಾಡಿ, ಜಿಲ್ಲೆಯಲ್ಲಿ ನಿರಂತರವಾಗಿ ಕಾನೂನು ಅರಿವು ಕಾರ್ಯಕ್ರಮಗಳು ನಡೆಯಲಿವೆ ಎಂದು ತಿಳಿಸಿದರು.
